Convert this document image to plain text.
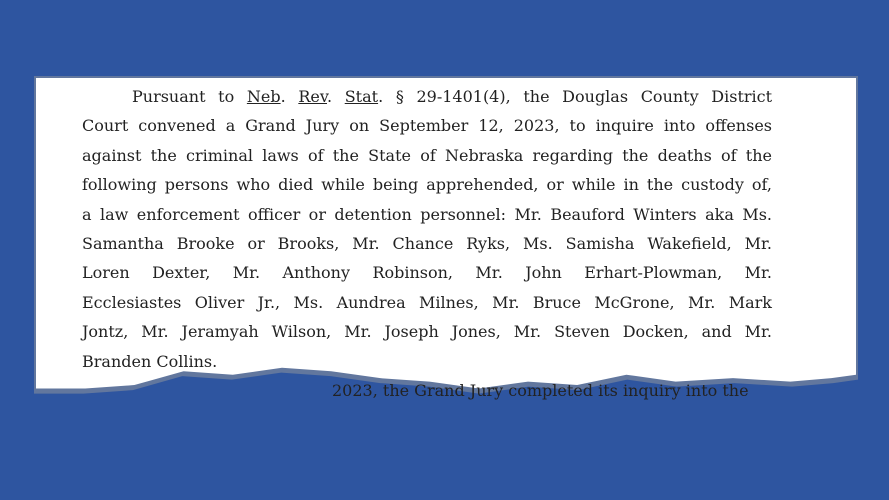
Pursuant to Neb. Rev. Stat. § 29-1401(4), the Douglas County District
Court convened a Grand Jury on September 12, 2023, to inquire into offenses
against the criminal laws of the State of Nebraska regarding the deaths of the
following persons who died while being apprehended, or while in the custody of,
a law enforcement officer or detention personnel: Mr. Beauford Winters aka Ms.
Samantha Brooke or Brooks, Mr. Chance Ryks, Ms. Samisha Wakefield, Mr.
Loren Dexter, Mr. Anthony Robinson, Mr. John Erhart-Plowman, Mr.
Ecclesiastes Oliver Jr., Ms. Aundrea Milnes, Mr. Bruce McGrone, Mr. Mark
Jontz, Mr. Jeramyah Wilson, Mr. Joseph Jones, Mr. Steven Docken, and Mr.
Branden Collins.
2023, the Grand Jury completed its inquiry into the
